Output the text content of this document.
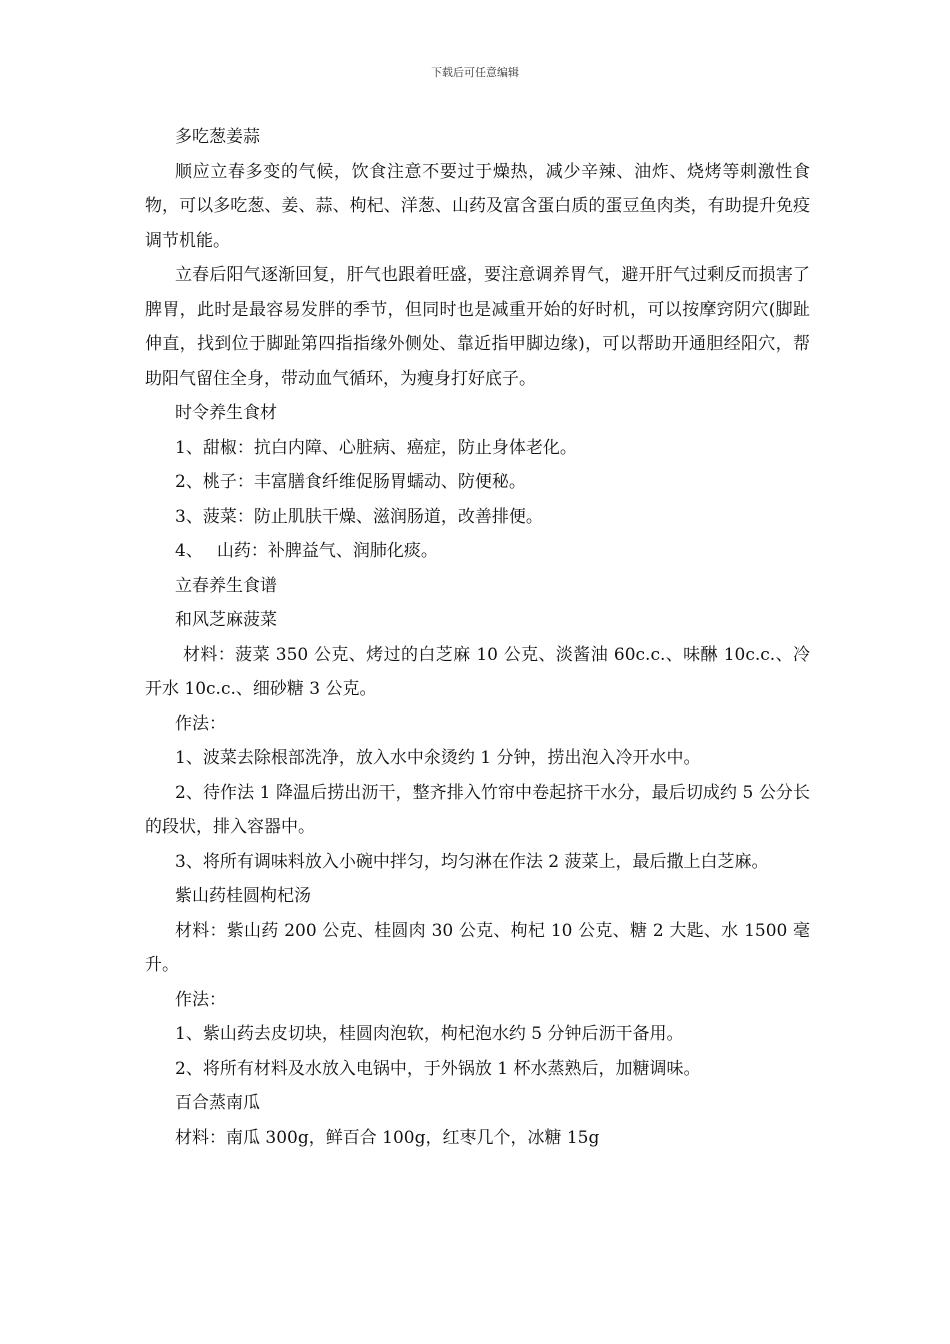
下载后可任意编辑

多吃葱姜蒜

顺应立春多变的气候，饮食注意不要过于燥热，减少辛辣、油炸、烧烤等刺激性食物，可以多吃葱、姜、蒜、枸杞、洋葱、山药及富含蛋白质的蛋豆鱼肉类，有助提升免疫调节机能。

立春后阳气逐渐回复，肝气也跟着旺盛，要注意调养胃气，避开肝气过剩反而损害了脾胃，此时是最容易发胖的季节，但同时也是减重开始的好时机，可以按摩窍阴穴(脚趾伸直，找到位于脚趾第四指指缘外侧处、靠近指甲脚边缘)，可以帮助开通胆经阳穴，帮助阳气留住全身，带动血气循环，为瘦身打好底子。

时令养生食材

1、甜椒：抗白内障、心脏病、癌症，防止身体老化。

2、桃子：丰富膳食纤维促肠胃蠕动、防便秘。

3、菠菜：防止肌肤干燥、滋润肠道，改善排便。

4、 山药：补脾益气、润肺化痰。

立春养生食谱

和风芝麻菠菜

材料：菠菜 350 公克、烤过的白芝麻 10 公克、淡酱油 60c.c.、味醂 10c.c.、冷开水 10c.c.、细砂糖 3 公克。

作法：

1、波菜去除根部洗净，放入水中氽烫约 1 分钟，捞出泡入冷开水中。

2、待作法 1 降温后捞出沥干，整齐排入竹帘中卷起挤干水分，最后切成约 5 公分长的段状，排入容器中。

3、将所有调味料放入小碗中拌匀，均匀淋在作法 2 菠菜上，最后撒上白芝麻。

紫山药桂圆枸杞汤

材料：紫山药 200 公克、桂圆肉 30 公克、枸杞 10 公克、糖 2 大匙、水 1500 毫升。

作法：

1、紫山药去皮切块，桂圆肉泡软，枸杞泡水约 5 分钟后沥干备用。

2、将所有材料及水放入电锅中，于外锅放 1 杯水蒸熟后，加糖调味。

百合蒸南瓜

材料：南瓜 300g，鲜百合 100g，红枣几个，冰糖 15g
